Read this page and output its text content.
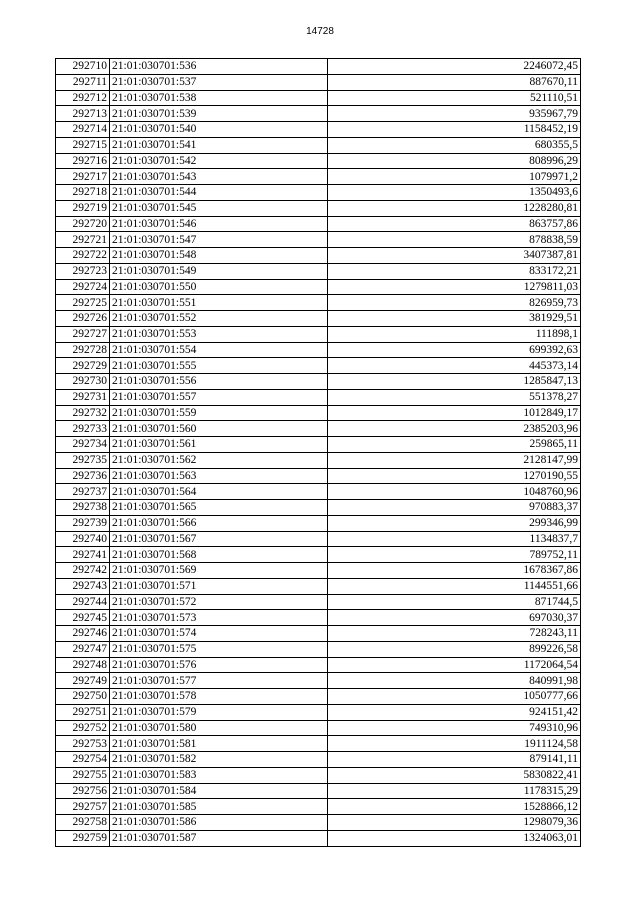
14728
292710	21:01:030701:536	2246072,45
292711	21:01:030701:537	887670,11
292712	21:01:030701:538	521110,51
292713	21:01:030701:539	935967,79
292714	21:01:030701:540	1158452,19
292715	21:01:030701:541	680355,5
292716	21:01:030701:542	808996,29
292717	21:01:030701:543	1079971,2
292718	21:01:030701:544	1350493,6
292719	21:01:030701:545	1228280,81
292720	21:01:030701:546	863757,86
292721	21:01:030701:547	878838,59
292722	21:01:030701:548	3407387,81
292723	21:01:030701:549	833172,21
292724	21:01:030701:550	1279811,03
292725	21:01:030701:551	826959,73
292726	21:01:030701:552	381929,51
292727	21:01:030701:553	111898,1
292728	21:01:030701:554	699392,63
292729	21:01:030701:555	445373,14
292730	21:01:030701:556	1285847,13
292731	21:01:030701:557	551378,27
292732	21:01:030701:559	1012849,17
292733	21:01:030701:560	2385203,96
292734	21:01:030701:561	259865,11
292735	21:01:030701:562	2128147,99
292736	21:01:030701:563	1270190,55
292737	21:01:030701:564	1048760,96
292738	21:01:030701:565	970883,37
292739	21:01:030701:566	299346,99
292740	21:01:030701:567	1134837,7
292741	21:01:030701:568	789752,11
292742	21:01:030701:569	1678367,86
292743	21:01:030701:571	1144551,66
292744	21:01:030701:572	871744,5
292745	21:01:030701:573	697030,37
292746	21:01:030701:574	728243,11
292747	21:01:030701:575	899226,58
292748	21:01:030701:576	1172064,54
292749	21:01:030701:577	840991,98
292750	21:01:030701:578	1050777,66
292751	21:01:030701:579	924151,42
292752	21:01:030701:580	749310,96
292753	21:01:030701:581	1911124,58
292754	21:01:030701:582	879141,11
292755	21:01:030701:583	5830822,41
292756	21:01:030701:584	1178315,29
292757	21:01:030701:585	1528866,12
292758	21:01:030701:586	1298079,36
292759	21:01:030701:587	1324063,01
